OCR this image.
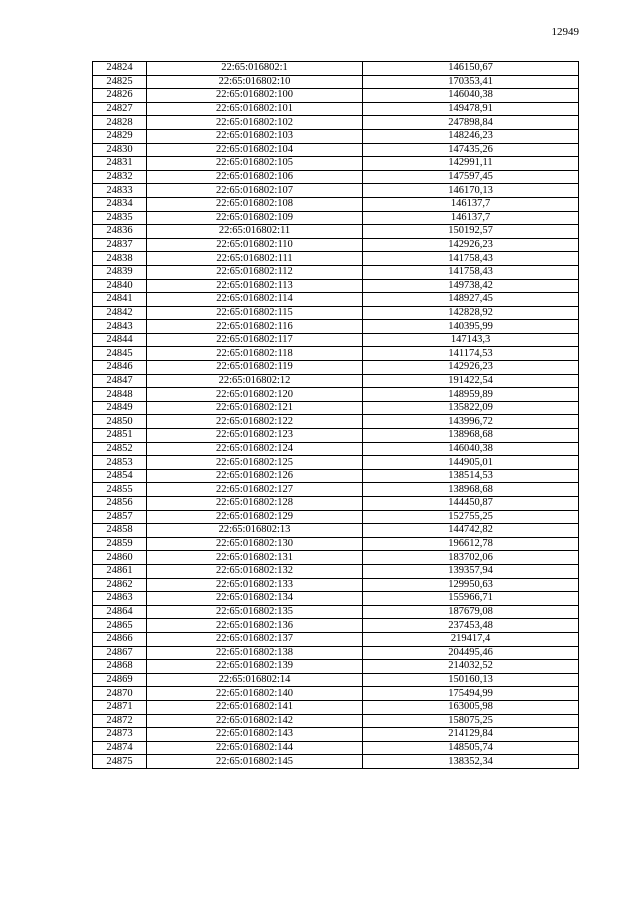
12949
24824	22:65:016802:1	146150,67
24825	22:65:016802:10	170353,41
24826	22:65:016802:100	146040,38
24827	22:65:016802:101	149478,91
24828	22:65:016802:102	247898,84
24829	22:65:016802:103	148246,23
24830	22:65:016802:104	147435,26
24831	22:65:016802:105	142991,11
24832	22:65:016802:106	147597,45
24833	22:65:016802:107	146170,13
24834	22:65:016802:108	146137,7
24835	22:65:016802:109	146137,7
24836	22:65:016802:11	150192,57
24837	22:65:016802:110	142926,23
24838	22:65:016802:111	141758,43
24839	22:65:016802:112	141758,43
24840	22:65:016802:113	149738,42
24841	22:65:016802:114	148927,45
24842	22:65:016802:115	142828,92
24843	22:65:016802:116	140395,99
24844	22:65:016802:117	147143,3
24845	22:65:016802:118	141174,53
24846	22:65:016802:119	142926,23
24847	22:65:016802:12	191422,54
24848	22:65:016802:120	148959,89
24849	22:65:016802:121	135822,09
24850	22:65:016802:122	143996,72
24851	22:65:016802:123	138968,68
24852	22:65:016802:124	146040,38
24853	22:65:016802:125	144905,01
24854	22:65:016802:126	138514,53
24855	22:65:016802:127	138968,68
24856	22:65:016802:128	144450,87
24857	22:65:016802:129	152755,25
24858	22:65:016802:13	144742,82
24859	22:65:016802:130	196612,78
24860	22:65:016802:131	183702,06
24861	22:65:016802:132	139357,94
24862	22:65:016802:133	129950,63
24863	22:65:016802:134	155966,71
24864	22:65:016802:135	187679,08
24865	22:65:016802:136	237453,48
24866	22:65:016802:137	219417,4
24867	22:65:016802:138	204495,46
24868	22:65:016802:139	214032,52
24869	22:65:016802:14	150160,13
24870	22:65:016802:140	175494,99
24871	22:65:016802:141	163005,98
24872	22:65:016802:142	158075,25
24873	22:65:016802:143	214129,84
24874	22:65:016802:144	148505,74
24875	22:65:016802:145	138352,34
